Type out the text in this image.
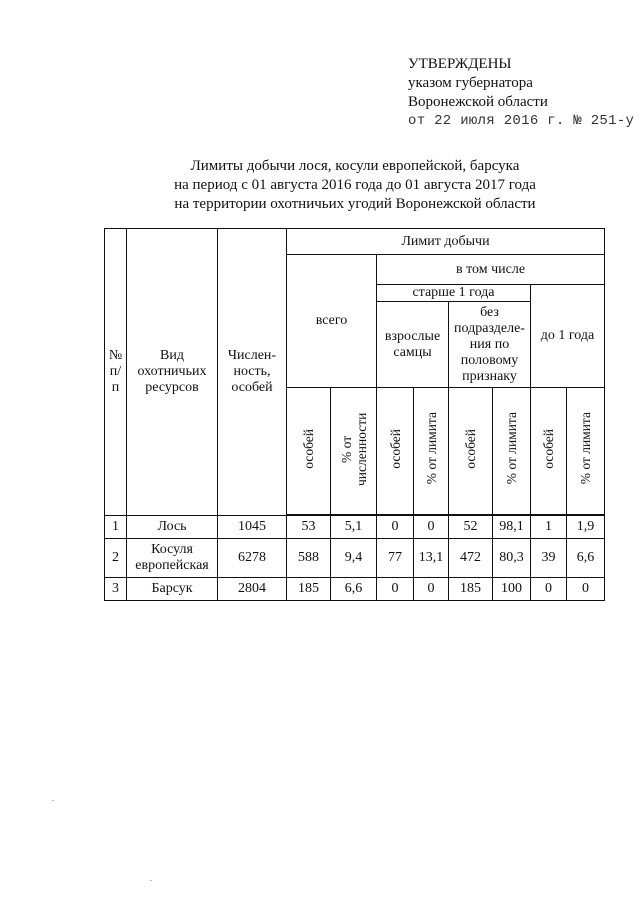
УТВЕРЖДЕНЫ
указом губернатора
Воронежской области
от 22 июля 2016 г. № 251-у
Лимиты добычи лося, косули европейской, барсука
на период с 01 августа 2016 года до 01 августа 2017 года
на территории охотничьих угодий Воронежской области
№ п/п	Вид охотничьих ресурсов	Числен- ность, особей	Лимит добычи							
			всего		в том числе					
					старше 1 года				до 1 года	
					взрослые самцы		без подразделе- ния по половому признаку			
			особей	% от численности	особей	% от лимита	особей	% от лимита	особей	% от лимита

1	Лось	1045	53	5,1	0	0	52	98,1	1	1,9
2	Косуля европейская	6278	588	9,4	77	13,1	472	80,3	39	6,6
3	Барсук	2804	185	6,6	0	0	185	100	0	0
